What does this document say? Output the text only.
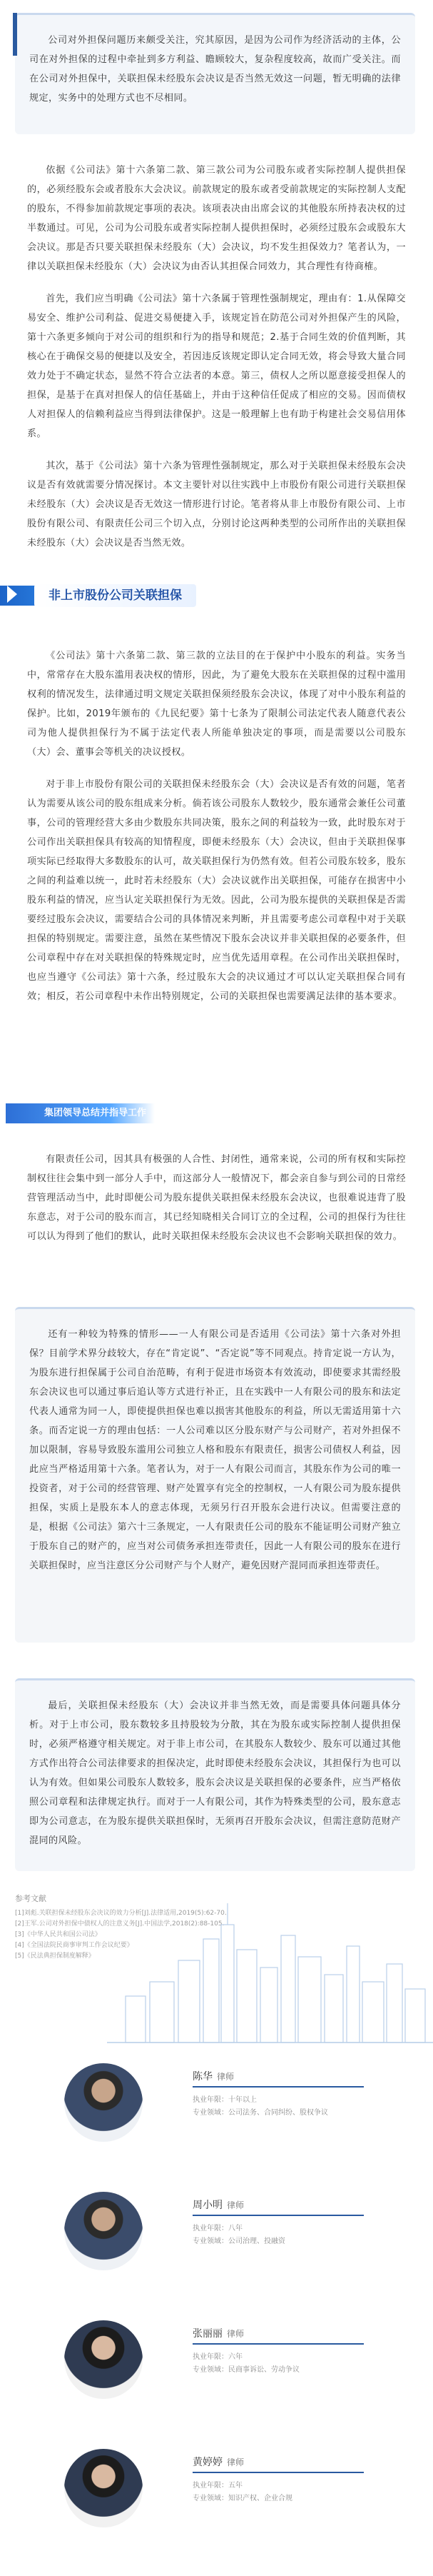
公司对外担保问题历来颇受关注，究其原因，是因为公司作为经济活动的主体，公司在对外担保的过程中牵扯到多方利益、瞻顾较大，复杂程度较高，故而广受关注。而在公司对外担保中，关联担保未经股东会决议是否当然无效这一问题，暂无明确的法律规定，实务中的处理方式也不尽相同。

依据《公司法》第十六条第二款、第三款公司为公司股东或者实际控制人提供担保的，必须经股东会或者股东大会决议。前款规定的股东或者受前款规定的实际控制人支配的股东，不得参加前款规定事项的表决。该项表决由出席会议的其他股东所持表决权的过半数通过。可见，公司为公司股东或者实际控制人提供担保时，必须经过股东会或股东大会决议。那是否只要关联担保未经股东（大）会决议，均不发生担保效力？笔者认为，一律以关联担保未经股东（大）会决议为由否认其担保合同效力，其合理性有待商榷。

首先，我们应当明确《公司法》第十六条属于管理性强制规定，理由有：1.从保障交易安全、维护公司利益、促进交易便捷入手，该规定旨在防范公司对外担保产生的风险，第十六条更多倾向于对公司的组织和行为的指导和规范；2.基于合同生效的价值判断，其核心在于确保交易的便捷以及安全，若因违反该规定即认定合同无效，将会导致大量合同效力处于不确定状态，显然不符合立法者的本意。第三，债权人之所以愿意接受担保人的担保，是基于在真对担保人的信任基础上，并由于这种信任促成了相应的交易。因而债权人对担保人的信赖利益应当得到法律保护。这是一般理解上也有助于构建社会交易信用体系。

其次，基于《公司法》第十六条为管理性强制规定，那么对于关联担保未经股东会决议是否有效就需要分情况探讨。本文主要针对以往实践中上市股份有限公司进行关联担保未经股东（大）会决议是否无效这一情形进行讨论。笔者将从非上市股份有限公司、上市股份有限公司、有限责任公司三个切入点，分别讨论这两种类型的公司所作出的关联担保未经股东（大）会决议是否当然无效。

非上市股份公司关联担保

《公司法》第十六条第二款、第三款的立法目的在于保护中小股东的利益。实务当中，常常存在大股东滥用表决权的情形，因此，为了避免大股东在关联担保的过程中滥用权利的情况发生，法律通过明文规定关联担保须经股东会决议，体现了对中小股东利益的保护。比如，2019年颁布的《九民纪要》第十七条为了限制公司法定代表人随意代表公司为他人提供担保行为不属于法定代表人所能单独决定的事项，而是需要以公司股东（大）会、董事会等机关的决议授权。

对于非上市股份有限公司的关联担保未经股东会（大）会决议是否有效的问题，笔者认为需要从该公司的股东组成来分析。倘若该公司股东人数较少，股东通常会兼任公司董事，公司的管理经营大多由少数股东共同决策，股东之间的利益较为一致，此时股东对于公司作出关联担保具有较高的知情程度，即便未经股东（大）会决议，但由于关联担保事项实际已经取得大多数股东的认可，故关联担保行为仍然有效。但若公司股东较多，股东之间的利益难以统一，此时若未经股东（大）会决议就作出关联担保，可能存在损害中小股东利益的情况，应当认定关联担保行为无效。因此，公司为股东提供的关联担保是否需要经过股东会决议，需要结合公司的具体情况来判断，并且需要考虑公司章程中对于关联担保的特别规定。需要注意，虽然在某些情况下股东会决议并非关联担保的必要条件，但公司章程中存在对关联担保的特殊规定时，应当优先适用章程。在公司作出关联担保时，也应当遵守《公司法》第十六条，经过股东大会的决议通过才可以认定关联担保合同有效；相反，若公司章程中未作出特别规定，公司的关联担保也需要满足法律的基本要求。

集团领导总结并指导工作

有限责任公司，因其具有极强的人合性、封闭性，通常来说，公司的所有权和实际控制权往往会集中到一部分人手中，而这部分人一般情况下，都会亲自参与到公司的日常经营管理活动当中，此时即便公司为股东提供关联担保未经股东会决议，也很难说违背了股东意志，对于公司的股东而言，其已经知晓相关合同订立的全过程，公司的担保行为往往可以认为得到了他们的默认，此时关联担保未经股东会决议也不会影响关联担保的效力。

还有一种较为特殊的情形——一人有限公司是否适用《公司法》第十六条对外担保？目前学术界分歧较大，存在“肯定说”、“否定说”等不同观点。持肯定说一方认为，为股东进行担保属于公司自治范畴，有利于促进市场资本有效流动，即使要求其需经股东会决议也可以通过事后追认等方式进行补正，且在实践中一人有限公司的股东和法定代表人通常为同一人，即使提供担保也难以损害其他股东的利益，所以无需适用第十六条。而否定说一方的理由包括：一人公司难以区分股东财产与公司财产，若对外担保不加以限制，容易导致股东滥用公司独立人格和股东有限责任，损害公司债权人利益，因此应当严格适用第十六条。笔者认为，对于一人有限公司而言，其股东作为公司的唯一投资者，对于公司的经营管理、财产处置享有完全的控制权，一人有限公司为股东提供担保，实质上是股东本人的意志体现，无须另行召开股东会进行决议。但需要注意的是，根据《公司法》第六十三条规定，一人有限责任公司的股东不能证明公司财产独立于股东自己的财产的，应当对公司债务承担连带责任，因此一人有限公司的股东在进行关联担保时，应当注意区分公司财产与个人财产，避免因财产混同而承担连带责任。

最后，关联担保未经股东（大）会决议并非当然无效，而是需要具体问题具体分析。对于上市公司，股东数较多且持股较为分散，其在为股东或实际控制人提供担保时，必须严格遵守相关规定。对于非上市公司，在其股东人数较少、股东可以通过其他方式作出符合公司法律要求的担保决定，此时即使未经股东会决议，其担保行为也可以认为有效。但如果公司股东人数较多，股东会决议是关联担保的必要条件，应当严格依照公司章程和法律规定执行。而对于一人有限公司，其作为特殊类型的公司，股东意志即为公司意志，在为股东提供关联担保时，无须再召开股东会决议，但需注意防范财产混同的风险。

参考文献
[1]刘彪.关联担保未经股东会决议的效力分析[J].法律适用,2019(5):62-70.
[2]王军.公司对外担保中债权人的注意义务[J].中国法学,2018(2):88-105.
[3]《中华人民共和国公司法》
[4]《全国法院民商事审判工作会议纪要》
[5]《民法典担保制度解释》
陈华 律师
执业年限：十年以上
专业领域：公司法务、合同纠纷、股权争议
周小明 律师
执业年限：八年
专业领域：公司治理、投融资
张丽丽 律师
执业年限：六年
专业领域：民商事诉讼、劳动争议
黄婷婷 律师
执业年限：五年
专业领域：知识产权、企业合规
